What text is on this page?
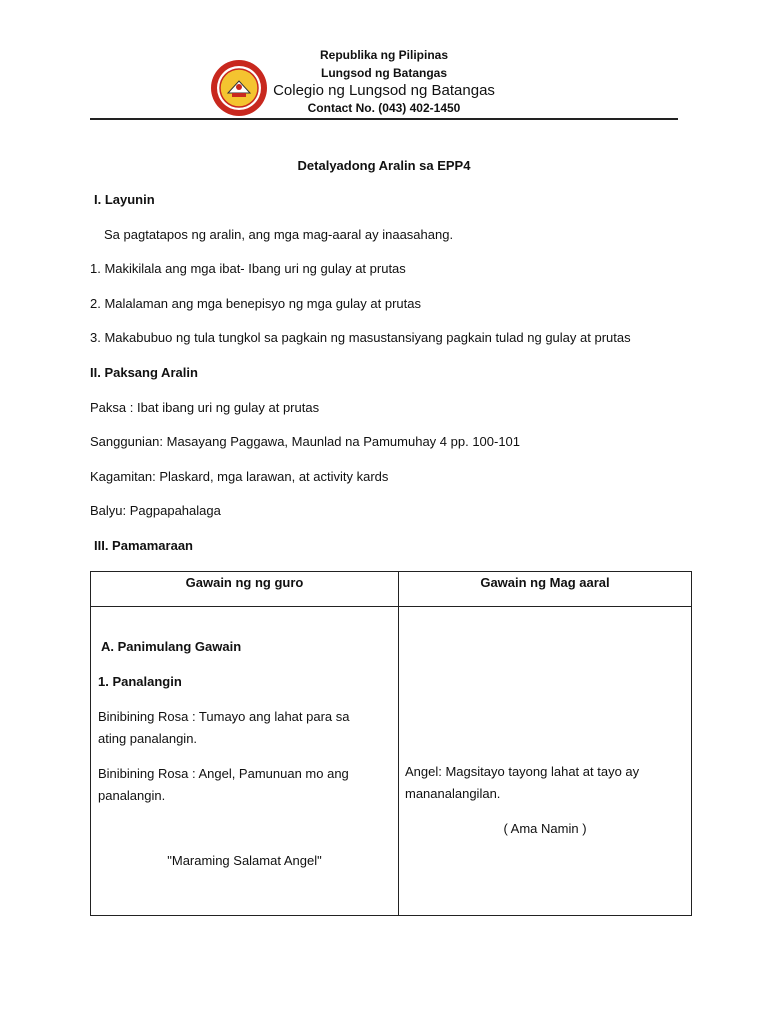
Republika ng Pilipinas
Lungsod ng Batangas
Colegio ng Lungsod ng Batangas
Contact No. (043) 402-1450
Detalyadong Aralin sa EPP4
I. Layunin
Sa pagtatapos ng aralin, ang mga mag-aaral ay inaasahang.
1. Makikilala ang mga ibat- Ibang uri ng gulay at prutas
2. Malalaman ang mga benepisyo ng mga gulay at prutas
3. Makabubuo ng tula tungkol sa pagkain ng masustansiyang pagkain tulad ng gulay at prutas
II. Paksang Aralin
Paksa : Ibat ibang uri ng gulay at prutas
Sanggunian: Masayang Paggawa, Maunlad na Pamumuhay 4 pp. 100-101
Kagamitan: Plaskard, mga larawan, at activity kards
Balyu: Pagpapahalaga
III. Pamamaraan
Gawain ng ng guro	Gawain ng Mag aaral
A. Panimulang Gawain
1. Panalangin
Binibining Rosa : Tumayo ang lahat para sa
ating panalangin.
Binibining Rosa : Angel, Pamunuan mo ang
panalangin.
"Maraming Salamat Angel"
Angel: Magsitayo tayong lahat at tayo ay
mananalangilan.
( Ama Namin )
